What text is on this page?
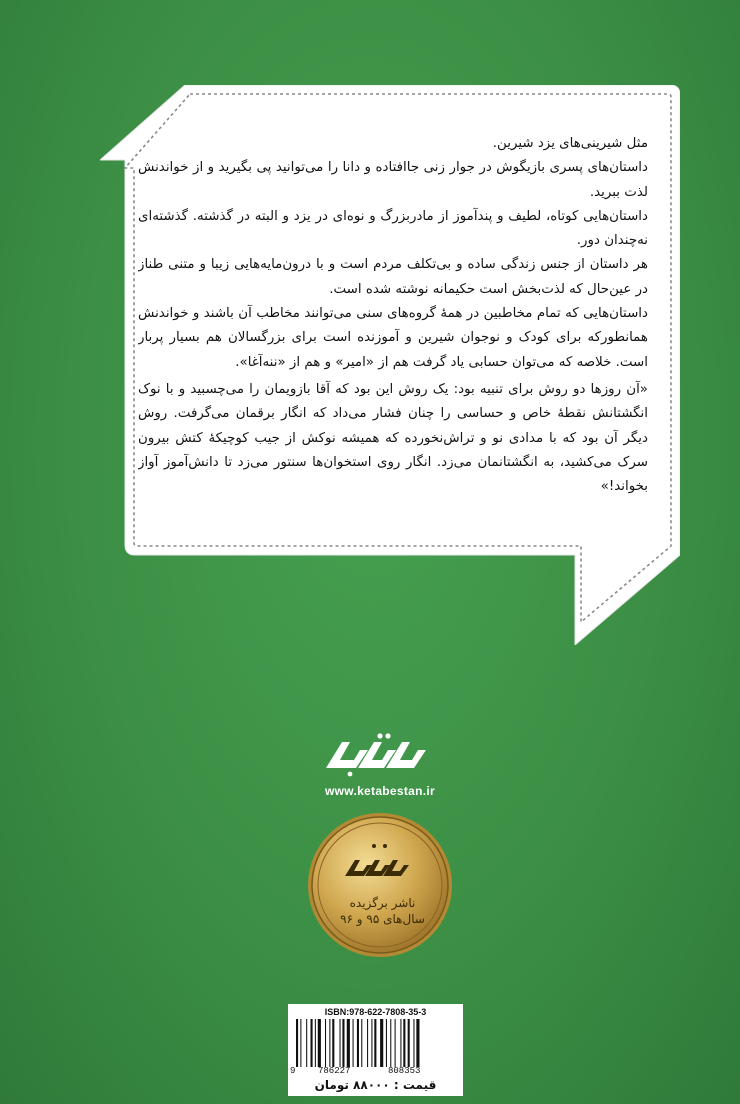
مثل شیرینی‌های یزد شیرین.

داستان‌های پسری بازیگوش در جوار زنی جاافتاده و دانا را می‌توانید پی بگیرید و از خواندنش لذت ببرید.

داستان‌هایی کوتاه، لطیف و پندآموز از مادربزرگ و نوه‌ای در یزد و البته در گذشته. گذشته‌ای نه‌چندان دور.

هر داستان از جنس زندگی ساده و بی‌تکلف مردم است و با درون‌مایه‌هایی زیبا و متنی طناز در عین‌حال که لذت‌بخش است حکیمانه نوشته شده است.

داستان‌هایی که تمام مخاطبین در همهٔ گروه‌های سنی می‌توانند مخاطب آن باشند و خواندنش همانطورکه برای کودک و نوجوان شیرین و آموزنده است برای بزرگسالان هم بسیار پربار است. خلاصه که می‌توان حسابی یاد گرفت هم از «امیر» و هم از «ننه‌آغا».

«آن روزها دو روش برای تنبیه بود: یک روش این بود که آقا بازویمان را می‌چسبید و با نوک انگشتانش نقطهٔ خاص و حساسی را چنان فشار می‌داد که انگار برقمان می‌گرفت. روش دیگر آن بود که با مدادی نو و تراش‌نخورده که همیشه نوکش از جیب کوچیکهٔ کتش بیرون سرک می‌کشید، به انگشتانمان می‌زد. انگار روی استخوان‌ها سنتور می‌زد تا دانش‌آموز آواز بخواند!»

www.ketabestan.ir
ناشر برگزیده
سال‌های ۹۵ و ۹۶
ISBN:978-622-7808-35-3
9	786227	808353
قیمت : ۸۸۰۰۰ تومان
